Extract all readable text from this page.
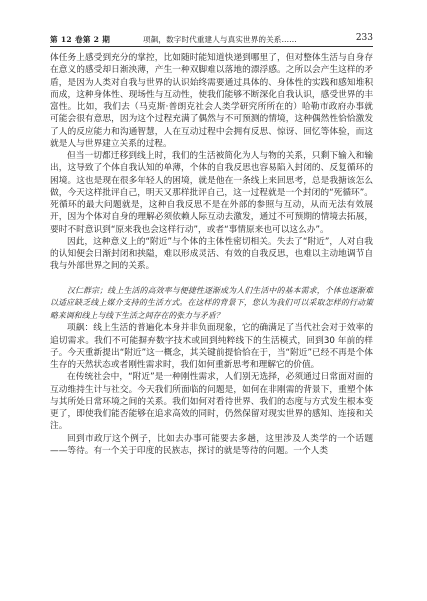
第 12 卷第 2 期	项飙，数字时代重建人与真实世界的关系……	233

体任务上感受到充分的掌控，比如随时能知道快递到哪里了，但对整体生活与自身存在意义的感受却日渐泱薄，产生一种双脚难以落地的漂浮感。之所以会产生这样的矛盾，是因为人类对自我与世界的认识始终需要通过具体的、身体性的实践和感知堆积而成，这种身体性、现场性与互动性，使我们能够不断深化自我认识，感受世界的丰富性。比如，我们去（马克斯·普朗克社会人类学研究所所在的）哈勒市政府办事就可能会很有意思，因为这个过程充满了偶然与不可预测的情境，这种偶然性恰恰激发了人的反应能力和沟通智慧，人在互动过程中会拥有反思、惊讶、回忆等体验，而这就是人与世界建立关系的过程。

但当一切都迁移到线上时，我们的生活被简化为人与物的关系，只剩下输入和输出，这导致了个体自我认知的单薄，个体的自我反思也容易陷入封闭的、反复循环的困境。这也是现在很多年轻人的困境，就是他在一条线上来回思考，总是我搪该怎么做，今天这样批评自己，明天又那样批评自己，这一过程就是一个封闭的“死循环”。死循环的最大问题就是，这种自我反思不是在外部的参照与互动，从而无法有效展开，因为个体对自身的理解必须依赖人际互动去激发，通过不可预期的情境去拓展，要时不时意识到“原来我也会这样行动”，或者“事情原来也可以这么办”。

因此，这种意义上的“附近”与个体的主体性密切相关。失去了“附近”，人对自我的认知便会日渐封闭和挟隘，难以形成灵活、有效的自我反思，也难以主动地调节自我与外部世界之间的关系。

汉仁群宗；线上生活的高效率与便捷性逐渐成为人们生活中的基本需求，个体也逐渐难以适应缺乏线上媒介支持的生活方式。在这样的背景下，您认为我们可以采取怎样的行动策略来调和线上与线下生活之间存在的张力与矛盾？

项飙：线上生活的普遍化本身并非负面现象，它的确满足了当代社会对于效率的追切需求。我们不可能摒弃数字技术或回到纯粹线下的生活模式，回到30 年前的样子。今天重新提出“附近”这一概念，其关键前提恰恰在于，当“附近”已经不再是个体生存的天然状态或者刚性需求时，我们如何重新思考和理解它的价值。

在传统社会中，“附近”是一种刚性需求，人们别无选择，必须通过日常面对面的互动维持生计与社交。今天我们所面临的问题是，如何在非刚需的背景下，重塑个体与其所处日常环境之间的关系。我们如何对看待世界、我们的态度与方式发生根本变更了，即使我们能否能够在追求高效的同时，仍然保留对现实世界的感知、连接和关注。

回到市政厅这个例子，比如去办事可能要去多趟，这里涉及人类学的一个话题——等待。有一个关于印度的民族志，探讨的就是等待的问题。一个人类
